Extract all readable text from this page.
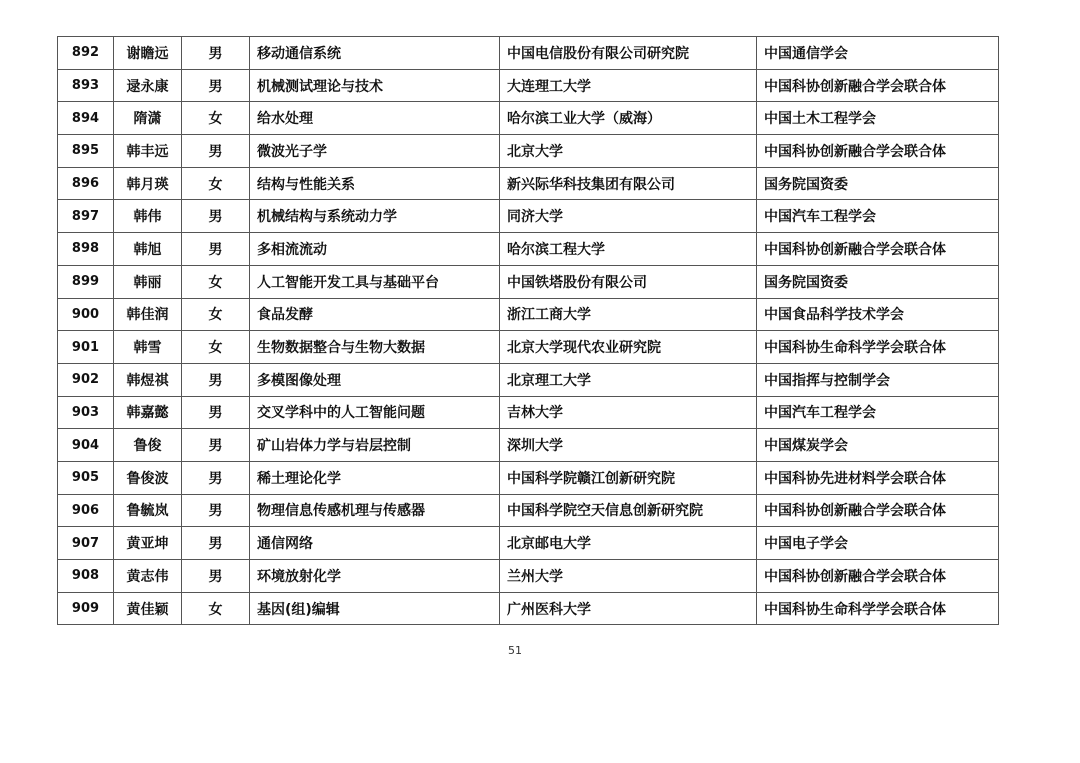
892	谢瞻远	男	移动通信系统	中国电信股份有限公司研究院	中国通信学会
893	逯永康	男	机械测试理论与技术	大连理工大学	中国科协创新融合学会联合体
894	隋潇	女	给水处理	哈尔滨工业大学（威海）	中国土木工程学会
895	韩丰远	男	微波光子学	北京大学	中国科协创新融合学会联合体
896	韩月瑛	女	结构与性能关系	新兴际华科技集团有限公司	国务院国资委
897	韩伟	男	机械结构与系统动力学	同济大学	中国汽车工程学会
898	韩旭	男	多相流流动	哈尔滨工程大学	中国科协创新融合学会联合体
899	韩丽	女	人工智能开发工具与基础平台	中国铁塔股份有限公司	国务院国资委
900	韩佳润	女	食品发酵	浙江工商大学	中国食品科学技术学会
901	韩雪	女	生物数据整合与生物大数据	北京大学现代农业研究院	中国科协生命科学学会联合体
902	韩煜祺	男	多模图像处理	北京理工大学	中国指挥与控制学会
903	韩嘉懿	男	交叉学科中的人工智能问题	吉林大学	中国汽车工程学会
904	鲁俊	男	矿山岩体力学与岩层控制	深圳大学	中国煤炭学会
905	鲁俊波	男	稀土理论化学	中国科学院赣江创新研究院	中国科协先进材料学会联合体
906	鲁毓岚	男	物理信息传感机理与传感器	中国科学院空天信息创新研究院	中国科协创新融合学会联合体
907	黄亚坤	男	通信网络	北京邮电大学	中国电子学会
908	黄志伟	男	环境放射化学	兰州大学	中国科协创新融合学会联合体
909	黄佳颖	女	基因(组)编辑	广州医科大学	中国科协生命科学学会联合体
51
